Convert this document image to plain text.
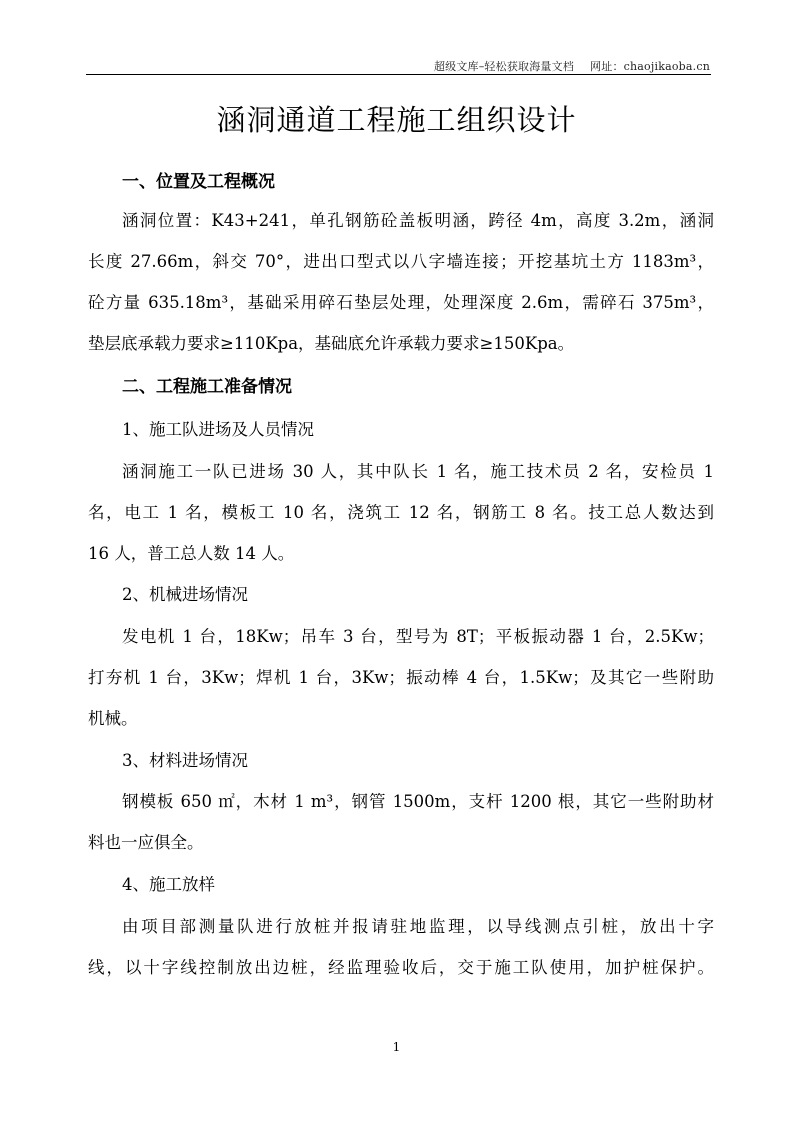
超级文库–轻松获取海量文档 网址：chaojikaoba.cn
涵洞通道工程施工组织设计
一、位置及工程概况
涵洞位置：K43+241，单孔钢筋砼盖板明涵，跨径 4m，高度 3.2m，涵洞
长度 27.66m，斜交 70°，进出口型式以八字墙连接；开挖基坑土方 1183m³，
砼方量 635.18m³，基础采用碎石垫层处理，处理深度 2.6m，需碎石 375m³，
垫层底承载力要求≥110Kpa，基础底允许承载力要求≥150Kpa。
二、工程施工准备情况
1、施工队进场及人员情况
涵洞施工一队已进场 30 人，其中队长 1 名，施工技术员 2 名，安检员 1
名，电工 1 名，模板工 10 名，浇筑工 12 名，钢筋工 8 名。技工总人数达到
16 人，普工总人数 14 人。
2、机械进场情况
发电机 1 台，18Kw；吊车 3 台，型号为 8T；平板振动器 1 台，2.5Kw；
打夯机 1 台，3Kw；焊机 1 台，3Kw；振动棒 4 台，1.5Kw；及其它一些附助
机械。
3、材料进场情况
钢模板 650 ㎡，木材 1 m³，钢管 1500m，支杆 1200 根，其它一些附助材
料也一应俱全。
4、施工放样
由项目部测量队进行放桩并报请驻地监理，以导线测点引桩，放出十字
线，以十字线控制放出边桩，经监理验收后，交于施工队使用，加护桩保护。
1
